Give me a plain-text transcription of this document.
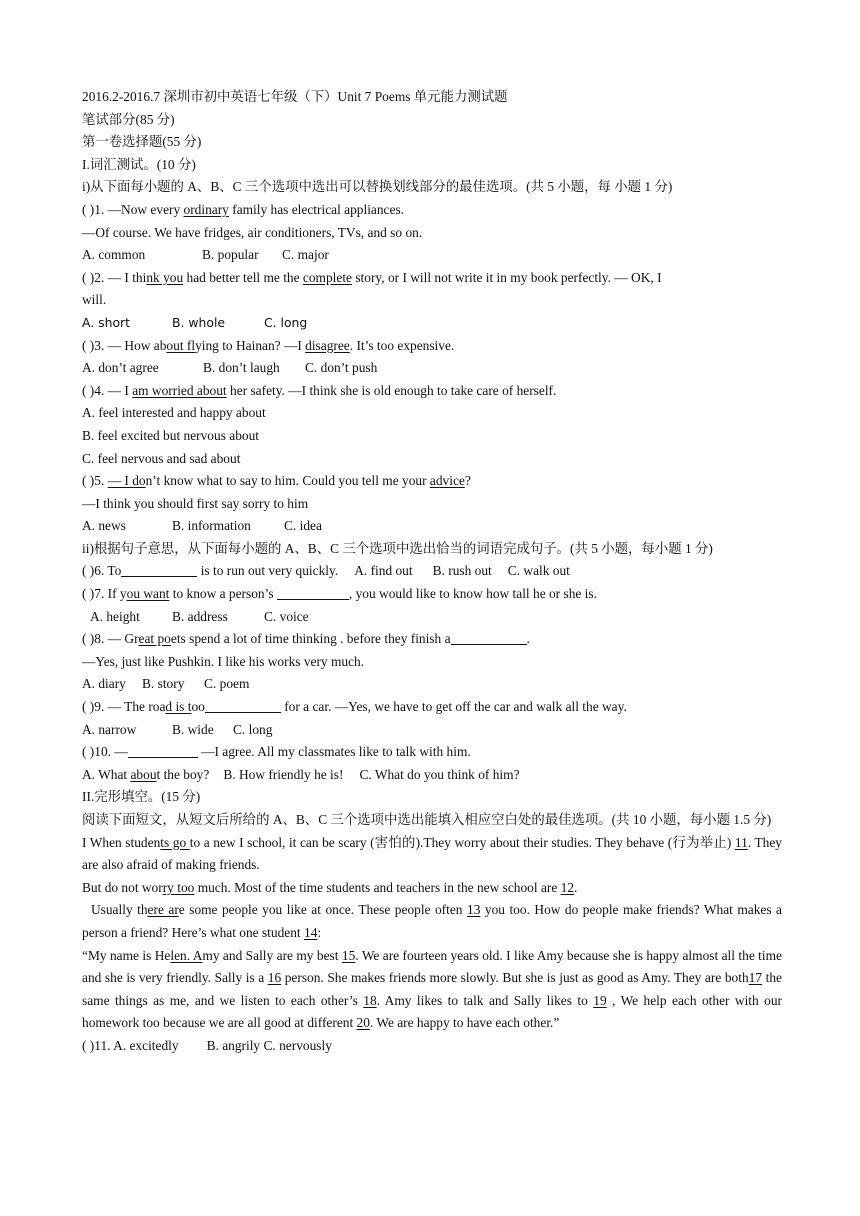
2016.2-2016.7 深圳市初中英语七年级（下）Unit 7 Poems 单元能力测试题
笔试部分(85 分)
第一卷选择题(55 分)
I.词汇测试。(10 分)
i)从下面每小题的 A、B、C 三个选项中选出可以替换划线部分的最佳选项。(共 5 小题，每 小题 1 分)
( )1. —Now every ordinary family has electrical appliances.
—Of course. We have fridges, air conditioners, TVs, and so on.
A. common	B. popular C. major
( )2. — I think you had better tell me the complete story, or I will not write it in my book perfectly. — OK, I
will.
A. short	B. whole	C. long
( )3. — How about flying to Hainan? —I disagree. It’s too expensive.
A. don’t agree	B. don’t laugh C. don’t push
( )4. — I am worried about her safety. —I think she is old enough to take care of herself.
A. feel interested and happy about
B. feel excited but nervous about
C. feel nervous and sad about
( )5. — I don’t know what to say to him. Could you tell me your advice?
—I think you should first say sorry to him
A. news	B. information C. idea
ii)根据句子意思，从下面每小题的 A、B、C 三个选项中选出恰当的词语完成句子。(共 5 小题，每小题 1 分)
( )6. To	is to run out very quickly. A. find out B. rush out C. walk out
( )7. If you want to know a person’s	, you would like to know how tall he or she is.
A. height B. address	C. voice
( )8. — Great poets spend a lot of time thinking . before they finish a	.
—Yes, just like Pushkin. I like his works very much.
A. diary B. story C. poem
( )9. — The road is too	for a car. —Yes, we have to get off the car and walk all the way.
A. narrow	B. wide C. long
( )10. —	—I agree. All my classmates like to talk with him.
A. What about the boy? B. How friendly he is! C. What do you think of him?
II.完形填空。(15 分)
阅读下面短文，从短文后所给的 A、B、C 三个选项中选出能填入相应空白处的最佳选项。(共 10 小题，每小题 1.5 分)
I When students go to a new I school, it can be scary (害怕的).They worry about their studies. They behave (行为举止) 11. They are also afraid of making friends.
But do not worry too much. Most of the time students and teachers in the new school are 12.
Usually there are some people you like at once. These people often 13 you too. How do people make friends? What makes a person a friend? Here’s what one student 14:
“My name is Helen. Amy and Sally are my best 15. We are fourteen years old. I like Amy because she is happy almost all the time and she is very friendly. Sally is a 16 person. She makes friends more slowly. But she is just as good as Amy. They are both17 the same things as me, and we listen to each other’s 18. Amy likes to talk and Sally likes to 19 , We help each other with our homework too because we are all good at different 20. We are happy to have each other.”
( )11. A. excitedly B. angrily C. nervously
